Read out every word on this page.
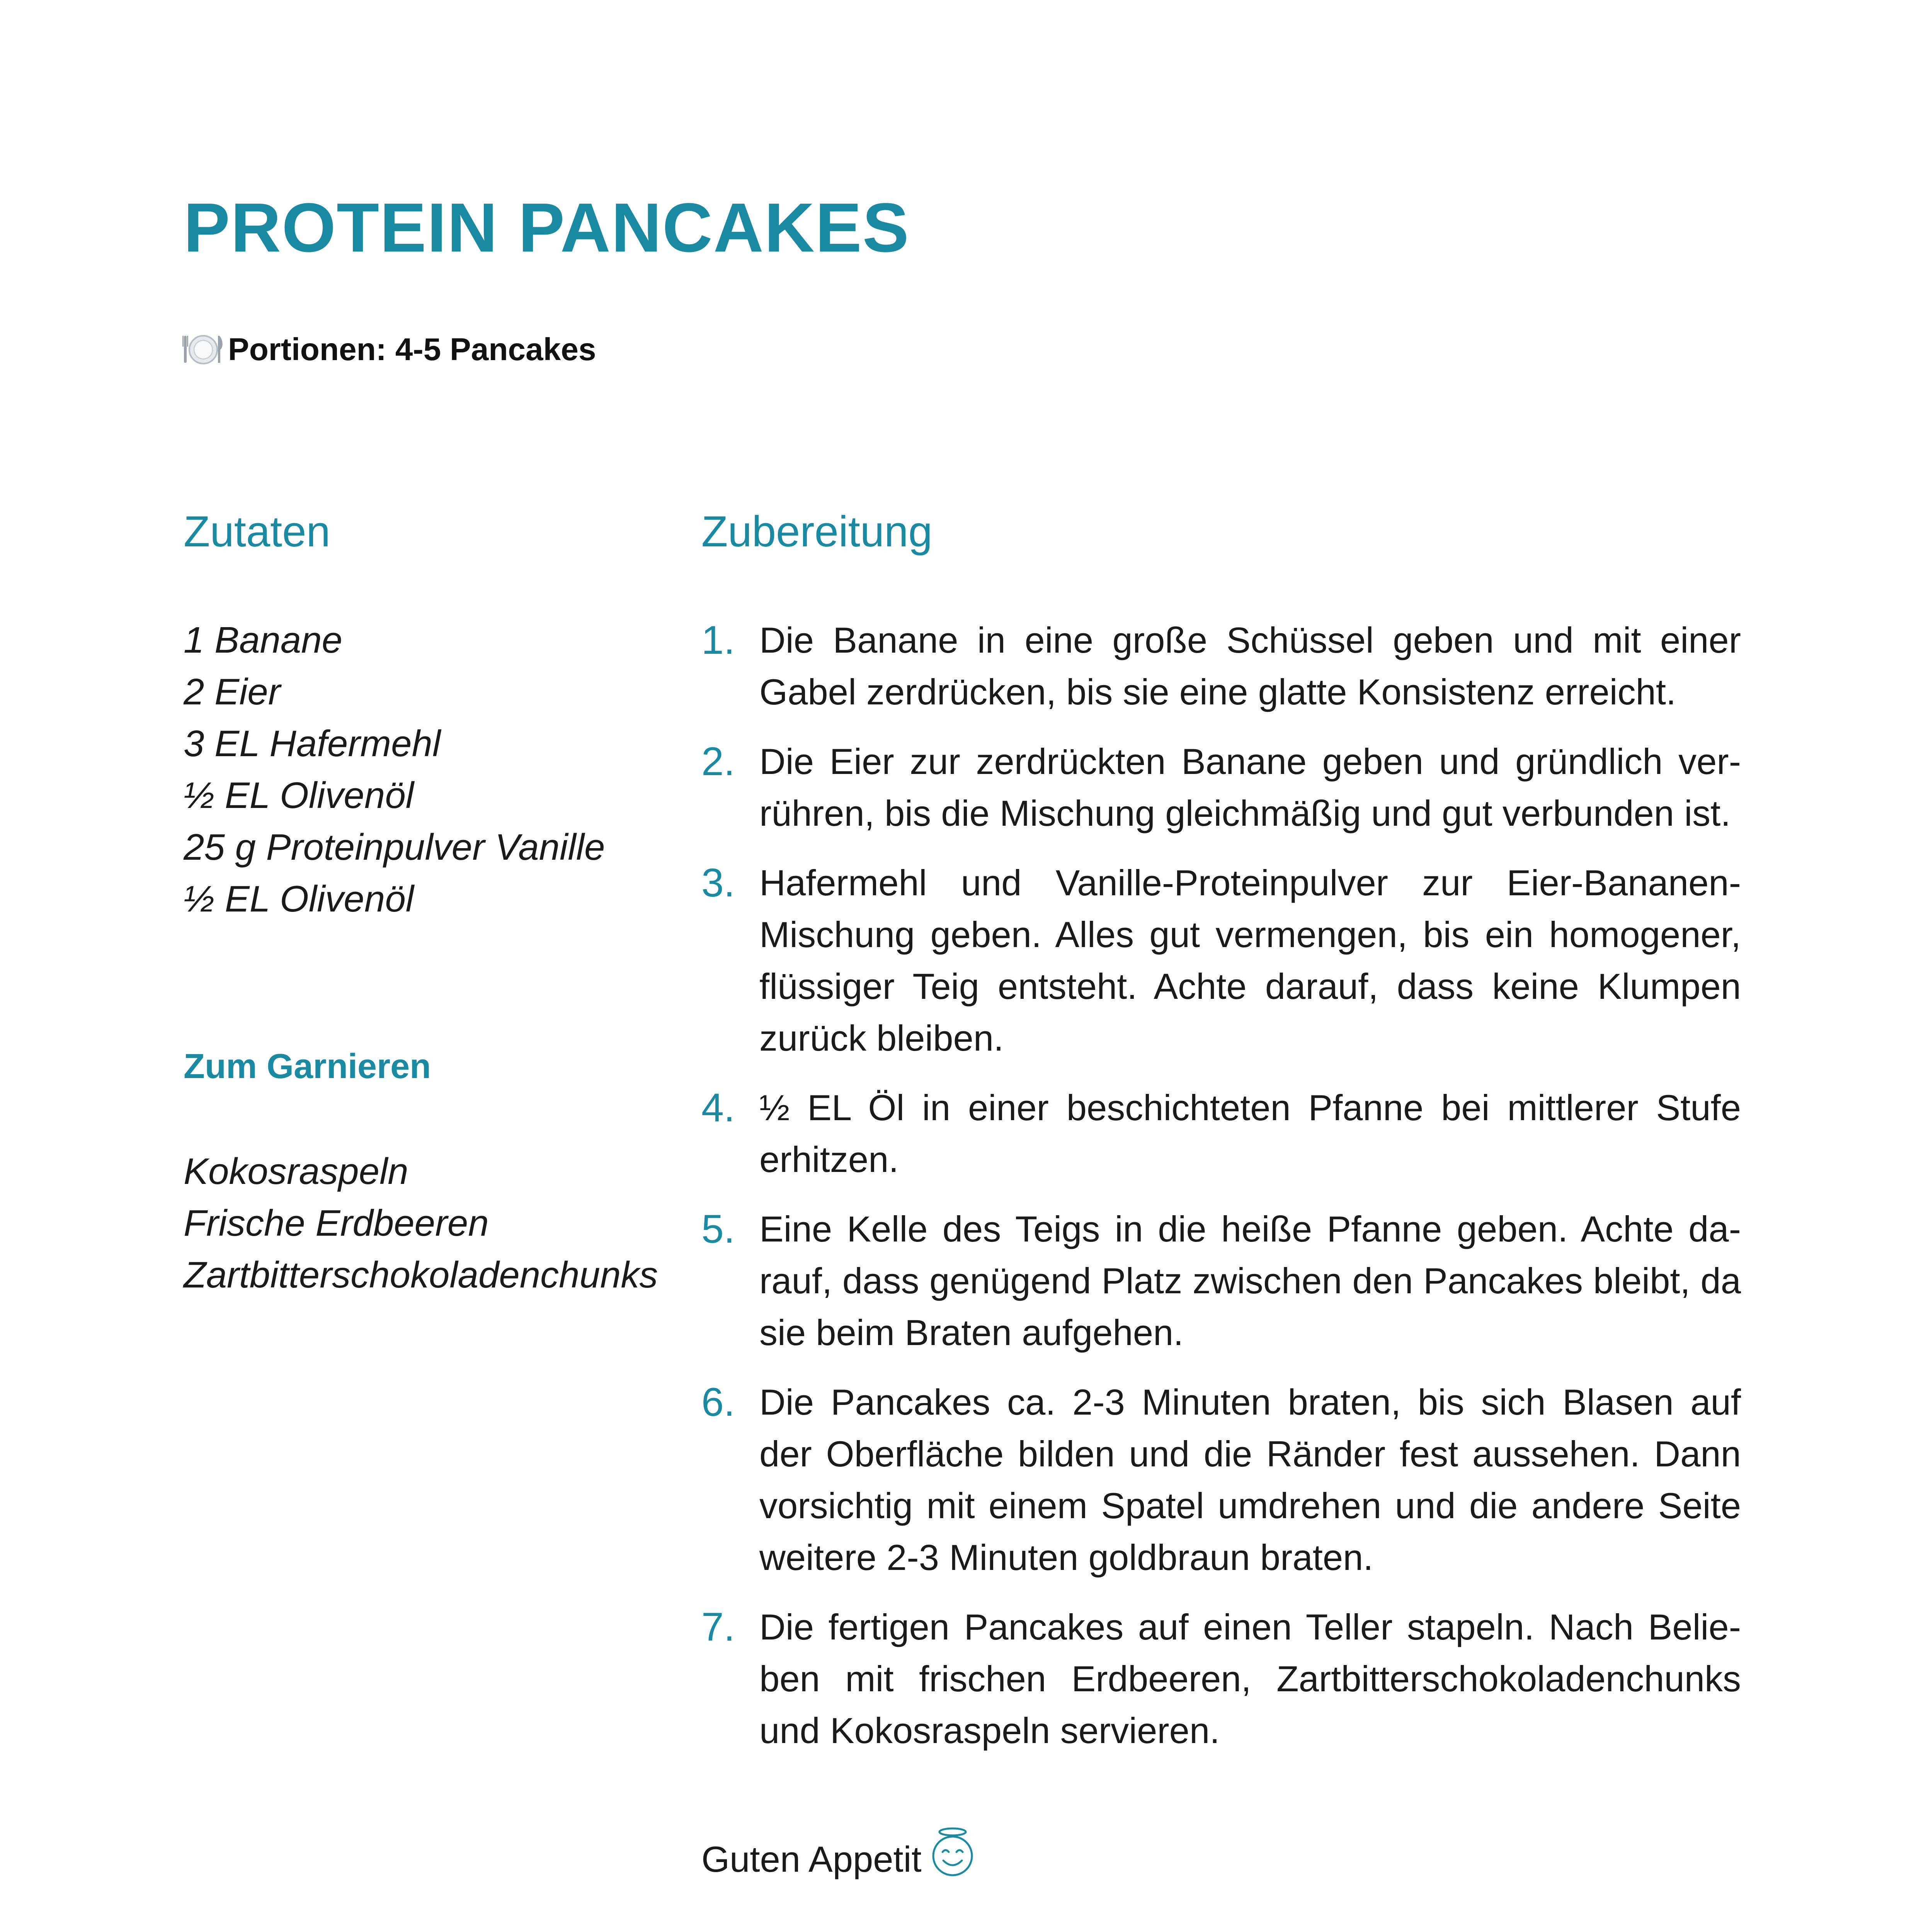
PROTEIN PANCAKES
Portionen: 4-5 Pancakes
Zutaten
1 Banane
2 Eier
3 EL Hafermehl
½ EL Olivenöl
25 g Proteinpulver Vanille
½ EL Olivenöl
Zum Garnieren
Kokosraspeln
Frische Erdbeeren
Zartbitterschokoladenchunks
Zubereitung
1. Die Banane in eine große Schüssel geben und mit einer Gabel zerdrücken, bis sie eine glatte Konsistenz erreicht.
2. Die Eier zur zerdrückten Banane geben und gründlich verrühren, bis die Mischung gleichmäßig und gut verbunden ist.
3. Hafermehl und Vanille-Proteinpulver zur Eier-Bananen-Mischung geben. Alles gut vermengen, bis ein homogener, flüssiger Teig entsteht. Achte darauf, dass keine Klumpen zurück bleiben.
4. ½ EL Öl in einer beschichteten Pfanne bei mittlerer Stufe erhitzen.
5. Eine Kelle des Teigs in die heiße Pfanne geben. Achte darauf, dass genügend Platz zwischen den Pancakes bleibt, da sie beim Braten aufgehen.
6. Die Pancakes ca. 2-3 Minuten braten, bis sich Blasen auf der Oberfläche bilden und die Ränder fest aussehen. Dann vorsichtig mit einem Spatel umdrehen und die andere Seite weitere 2-3 Minuten goldbraun braten.
7. Die fertigen Pancakes auf einen Teller stapeln. Nach Belieben mit frischen Erdbeeren, Zartbitterschokoladenchunks und Kokosraspeln servieren.
Guten Appetit
